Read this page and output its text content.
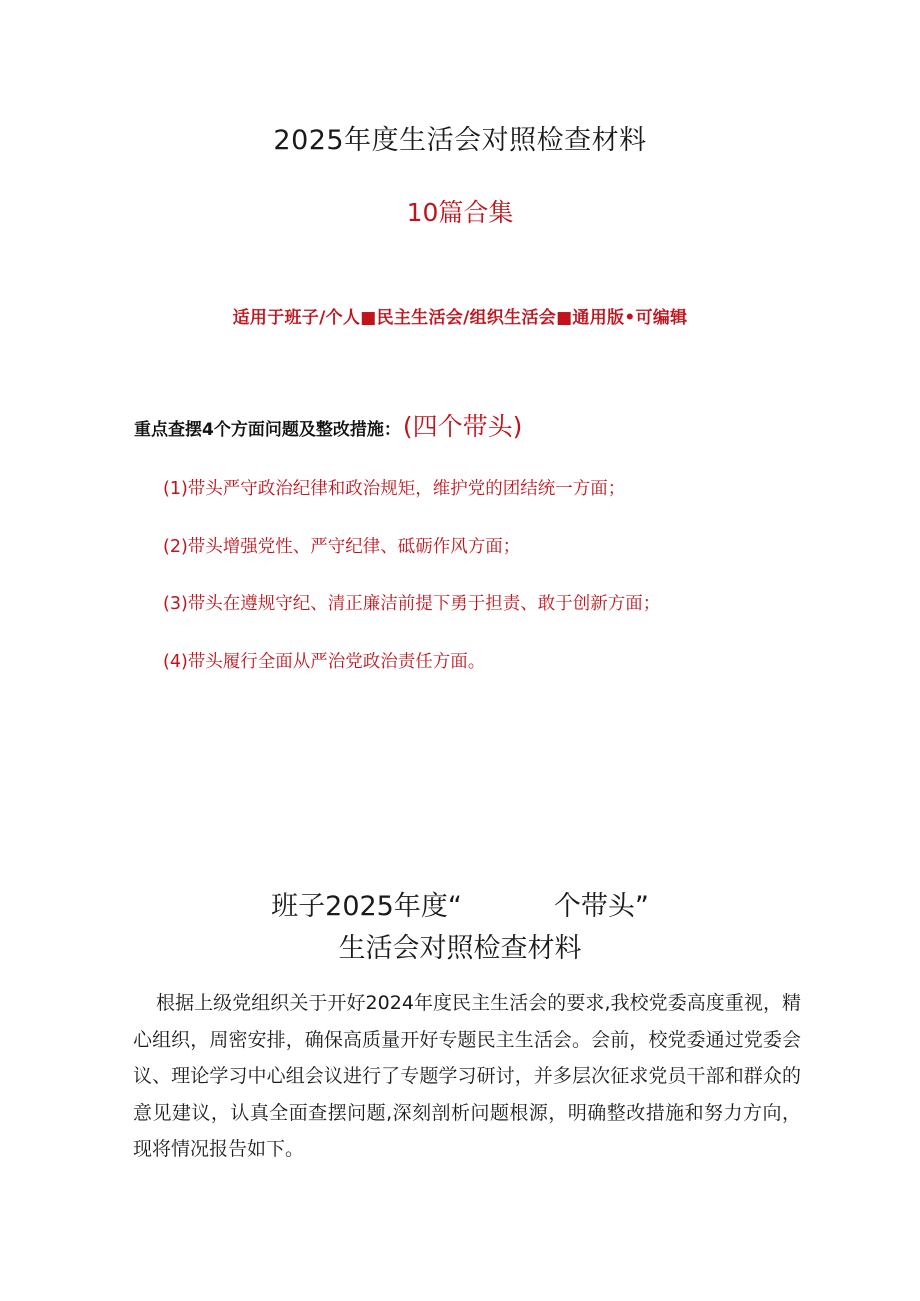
2025年度生活会对照检查材料
10篇合集
适用于班子/个人■民主生活会/组织生活会■通用版•可编辑
重点查摆4个方面问题及整改措施：(四个带头)
(1)带头严守政治纪律和政治规矩，维护党的团结统一方面；
(2)带头增强党性、严守纪律、砥砺作风方面；
(3)带头在遵规守纪、清正廉洁前提下勇于担责、敢于创新方面；
(4)带头履行全面从严治党政治责任方面。
班子2025年度“	个带头”
生活会对照检查材料

根据上级党组织关于开好2024年度民主生活会的要求,我校党委高度重视，精心组织，周密安排，确保高质量开好专题民主生活会。会前，校党委通过党委会议、理论学习中心组会议进行了专题学习研讨，并多层次征求党员干部和群众的意见建议，认真全面查摆问题,深刻剖析问题根源，明确整改措施和努力方向，现将情况报告如下。
